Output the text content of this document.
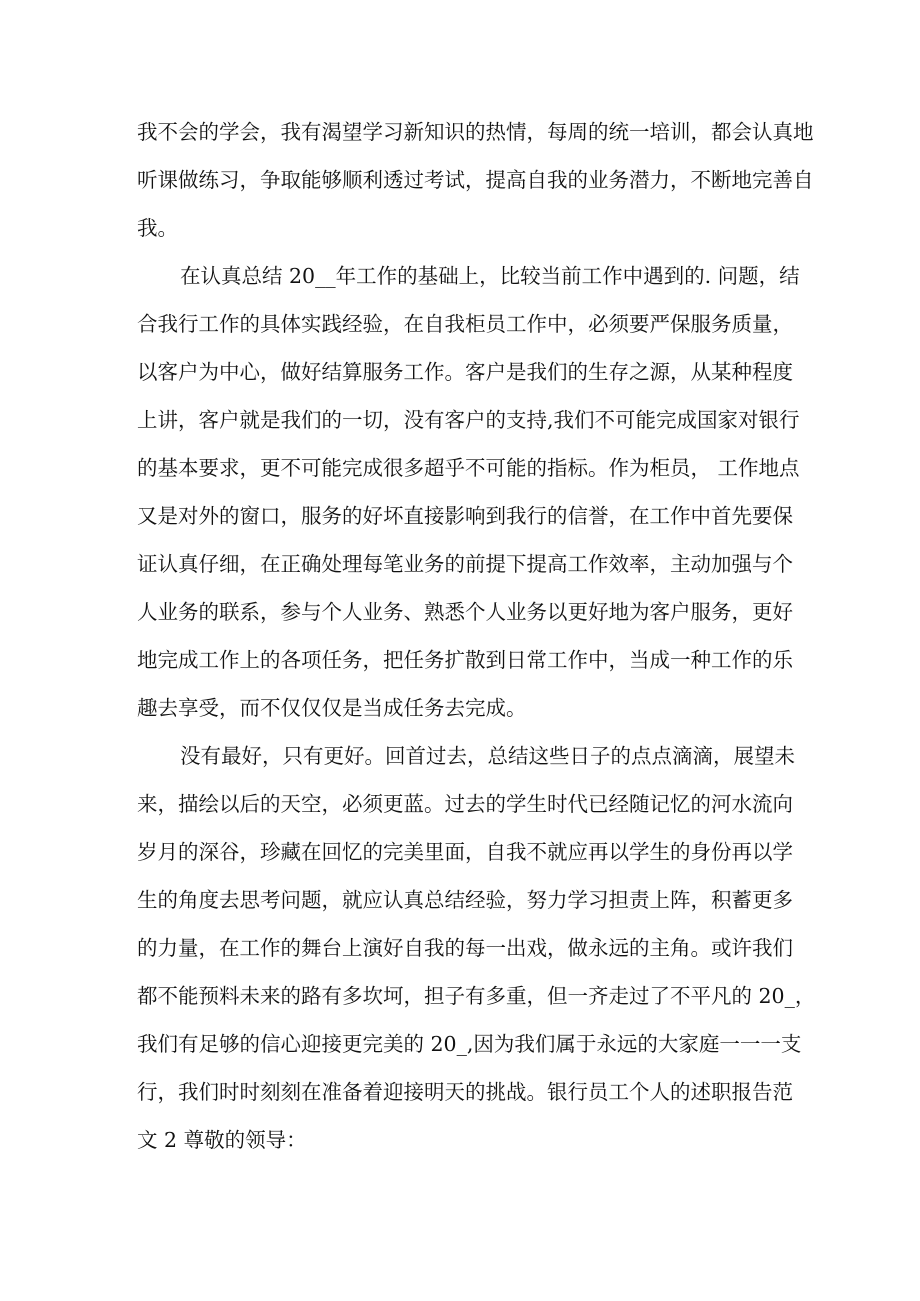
我不会的学会，我有渴望学习新知识的热情，每周的统一培训，都会认真地
听课做练习，争取能够顺利透过考试，提高自我的业务潜力，不断地完善自
我。
在认真总结 20__年工作的基础上，比较当前工作中遇到的. 问题，结
合我行工作的具体实践经验，在自我柜员工作中，必须要严保服务质量，
以客户为中心，做好结算服务工作。客户是我们的生存之源，从某种程度
上讲，客户就是我们的一切，没有客户的支持,我们不可能完成国家对银行
的基本要求，更不可能完成很多超乎不可能的指标。作为柜员， 工作地点
又是对外的窗口，服务的好坏直接影响到我行的信誉，在工作中首先要保
证认真仔细，在正确处理每笔业务的前提下提高工作效率，主动加强与个
人业务的联系，参与个人业务、熟悉个人业务以更好地为客户服务，更好
地完成工作上的各项任务，把任务扩散到日常工作中，当成一种工作的乐
趣去享受，而不仅仅仅是当成任务去完成。
没有最好，只有更好。回首过去，总结这些日子的点点滴滴，展望未
来，描绘以后的天空，必须更蓝。过去的学生时代已经随记忆的河水流向
岁月的深谷，珍藏在回忆的完美里面，自我不就应再以学生的身份再以学
生的角度去思考问题，就应认真总结经验，努力学习担责上阵，积蓄更多
的力量，在工作的舞台上演好自我的每一出戏，做永远的主角。或许我们
都不能预料未来的路有多坎坷，担子有多重，但一齐走过了不平凡的 20_，
我们有足够的信心迎接更完美的 20_,因为我们属于永远的大家庭一一一支
行，我们时时刻刻在准备着迎接明天的挑战。银行员工个人的述职报告范
文 2 尊敬的领导：
